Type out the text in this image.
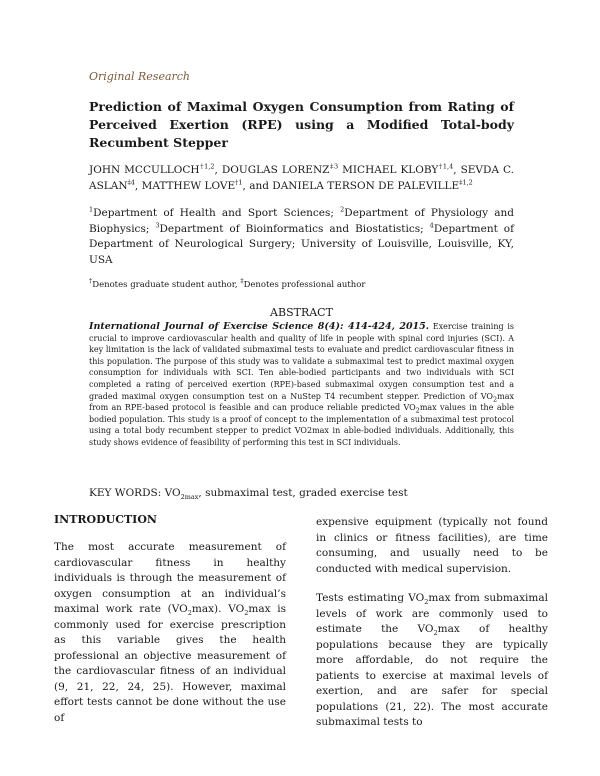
Original Research
Prediction of Maximal Oxygen Consumption from Rating of Perceived Exertion (RPE) using a Modified Total-body Recumbent Stepper
JOHN MCCULLOCH$^{\dagger 1,2}$, DOUGLAS LORENZ$^{\ddagger 3}$ MICHAEL KLOBY$^{\dagger 1,4}$, SEVDA C. ASLAN$^{\ddagger 4}$, MATTHEW LOVE$^{\dagger 1}$, and DANIELA TERSON DE PALEVILLE$^{\ddagger 1,2}$
$^1$Department of Health and Sport Sciences; $^2$Department of Physiology and Biophysics; $^3$Department of Bioinformatics and Biostatistics; $^4$Department of Department of Neurological Surgery; University of Louisville, Louisville, KY, USA
†Denotes graduate student author, ‡Denotes professional author
ABSTRACT
International Journal of Exercise Science 8(4): 414-424, 2015. Exercise training is crucial to improve cardiovascular health and quality of life in people with spinal cord injuries (SCI). A key limitation is the lack of validated submaximal tests to evaluate and predict cardiovascular fitness in this population. The purpose of this study was to validate a submaximal test to predict maximal oxygen consumption for individuals with SCI. Ten able-bodied participants and two individuals with SCI completed a rating of perceived exertion (RPE)-based submaximal oxygen consumption test and a graded maximal oxygen consumption test on a NuStep T4 recumbent stepper. Prediction of $VO_2\max$ from an RPE-based protocol is feasible and can produce reliable predicted $VO_2\max$ values in the able bodied population. This study is a proof of concept to the implementation of a submaximal test protocol using a total body recumbent stepper to predict VO2max in able-bodied individuals. Additionally, this study shows evidence of feasibility of performing this test in SCI individuals.
KEY WORDS: $VO_{2max}$, submaximal test, graded exercise test
INTRODUCTION
The most accurate measurement of cardiovascular fitness in healthy individuals is through the measurement of oxygen consumption at an individual’s maximal work rate $(VO_2\max)$. $VO_2\max$ is commonly used for exercise prescription as this variable gives the health professional an objective measurement of the cardiovascular fitness of an individual (9, 21, 22, 24, 25). However, maximal effort tests cannot be done without the use of
expensive equipment (typically not found in clinics or fitness facilities), are time consuming, and usually need to be conducted with medical supervision.
Tests estimating $VO_2\max$ from submaximal levels of work are commonly used to estimate the $VO_2\max$ of healthy populations because they are typically more affordable, do not require the patients to exercise at maximal levels of exertion, and are safer for special populations (21, 22). The most accurate submaximal tests to
